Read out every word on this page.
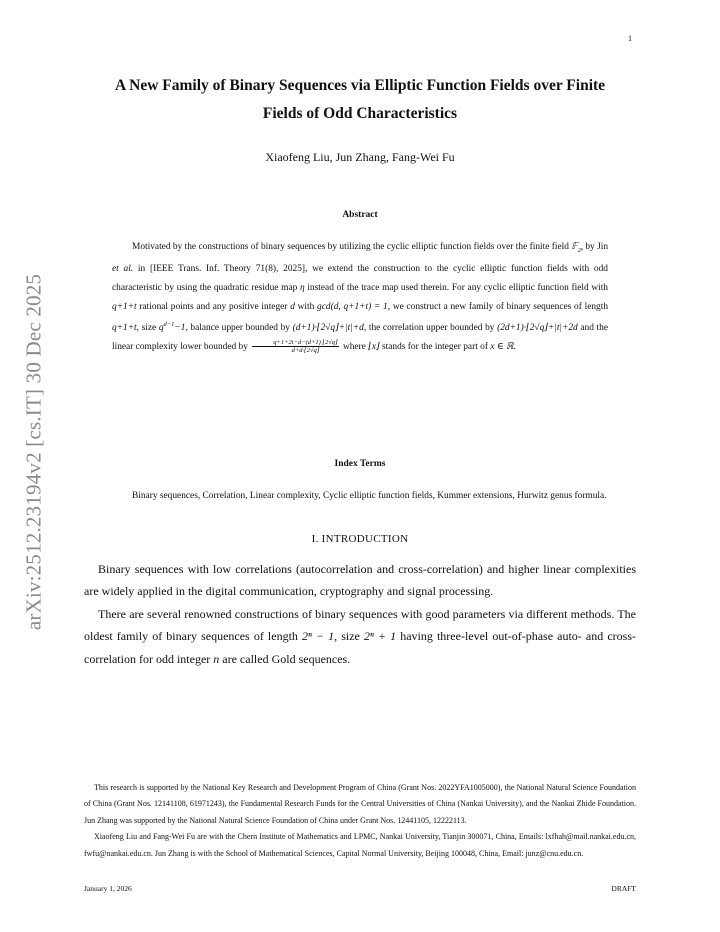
1
arXiv:2512.23194v2 [cs.IT] 30 Dec 2025
A New Family of Binary Sequences via Elliptic Function Fields over Finite
Fields of Odd Characteristics
Xiaofeng Liu, Jun Zhang, Fang-Wei Fu
Abstract

Motivated by the constructions of binary sequences by utilizing the cyclic elliptic function fields over the finite field 𝔽$_{2^n}$ by Jin et al. in [IEEE Trans. Inf. Theory 71(8), 2025], we extend the construction to the cyclic elliptic function fields with odd characteristic by using the quadratic residue map η instead of the trace map used therein. For any cyclic elliptic function field with q+1+t rational points and any positive integer d with gcd(d, q+1+t) = 1, we construct a new family of binary sequences of length q+1+t, size $q^{d-1}-1$, balance upper bounded by (d+1)·⌊2√q⌋+|t|+d, the correlation upper bounded by (2d+1)·⌊2√q⌋+|t|+2d and the linear complexity lower bounded by $\frac{q+1+2t-d-(d+1)\cdot⌊2√q⌋}{d+d\cdot⌊2√q⌋}$ where ⌊x⌋ stands for the integer part of x ∈ ℝ.

Index Terms

Binary sequences, Correlation, Linear complexity, Cyclic elliptic function fields, Kummer extensions, Hurwitz genus formula.

I. INTRODUCTION

Binary sequences with low correlations (autocorrelation and cross-correlation) and higher linear complexities are widely applied in the digital communication, cryptography and signal processing.

There are several renowned constructions of binary sequences with good parameters via different methods. The oldest family of binary sequences of length 2ⁿ − 1, size 2ⁿ + 1 having three-level out-of-phase auto- and cross-correlation for odd integer n are called Gold sequences.

This research is supported by the National Key Research and Development Program of China (Grant Nos. 2022YFA1005000), the National Natural Science Foundation of China (Grant Nos. 12141108, 61971243), the Fundamental Research Funds for the Central Universities of China (Nankai University), and the Nankai Zhide Foundation. Jun Zhang was supported by the National Natural Science Foundation of China under Grant Nos. 12441105, 12222113.

Xiaofeng Liu and Fang-Wei Fu are with the Chern Institute of Mathematics and LPMC, Nankai University, Tianjin 300071, China, Emails: lxfhah@mail.nankai.edu.cn, fwfu@nankai.edu.cn. Jun Zhang is with the School of Mathematical Sciences, Capital Normal University, Beijing 100048, China, Email: junz@cnu.edu.cn.

January 1, 2026	DRAFT
